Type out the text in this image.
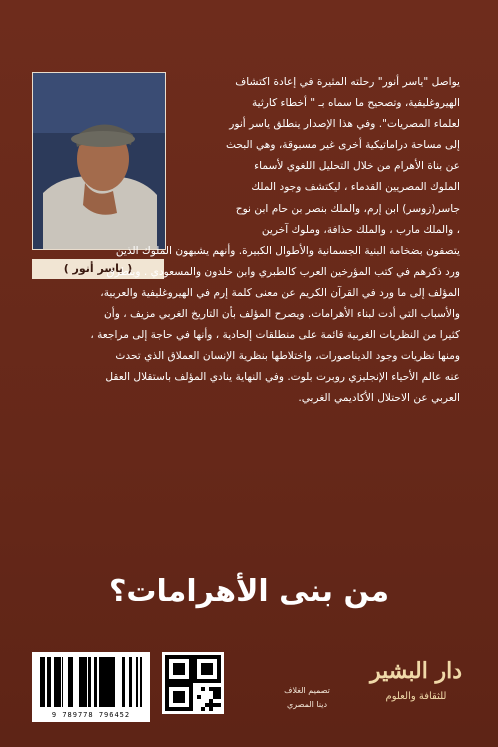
( ياسر أنور )
يواصل "ياسر أنور" رحلته المثيرة في إعادة اكتشاف
الهيروغليفية، وتصحيح ما سماه بـ " أخطاء كارثية
لعلماء المصريات". وفي هذا الإصدار ينطلق ياسر أنور
إلى مساحة دراماتيكية أخرى غير مسبوقة، وهي البحث
عن بناة الأهرام من خلال التحليل اللغوي لأسماء
الملوك المصريين القدماء ، ليكتشف وجود الملك
جاسر(زوسر) ابن إرم، والملك بنصر بن حام ابن نوح
، والملك مارب ، والملك حذافة، وملوك آخرين
يتصفون بضخامة البنية الجسمانية والأطوال الكبيرة. وأنهم يشبهون الملوك الذين
ورد ذكرهم في كتب المؤرخين العرب كالطبري وابن خلدون والمسعودي . ويتطرق
المؤلف إلى ما ورد في القرآن الكريم عن معنى كلمة إرم في الهيروغليفية والعربية،
والأسباب التي أدت لبناء الأهرامات. ويصرح المؤلف بأن التاريخ الغربي مزيف ، وأن
كثيرا من النظريات الغربية قائمة على منطلقات إلحادية ، وأنها في حاجة إلى مراجعة ،
ومنها نظريات وجود الديناصورات، واختلاطها بنظرية الإنسان العملاق الذي تحدث
عنه عالم الأحياء الإنجليزي روبرت بلوت. وفي النهاية ينادي المؤلف باستقلال العقل
العربي عن الاحتلال الأكاديمي الغربي.
من بنى الأهرامات؟
9 789778 796452
تصميم الغلاف
دينا المصري
دار البشير
للثقافة والعلوم
